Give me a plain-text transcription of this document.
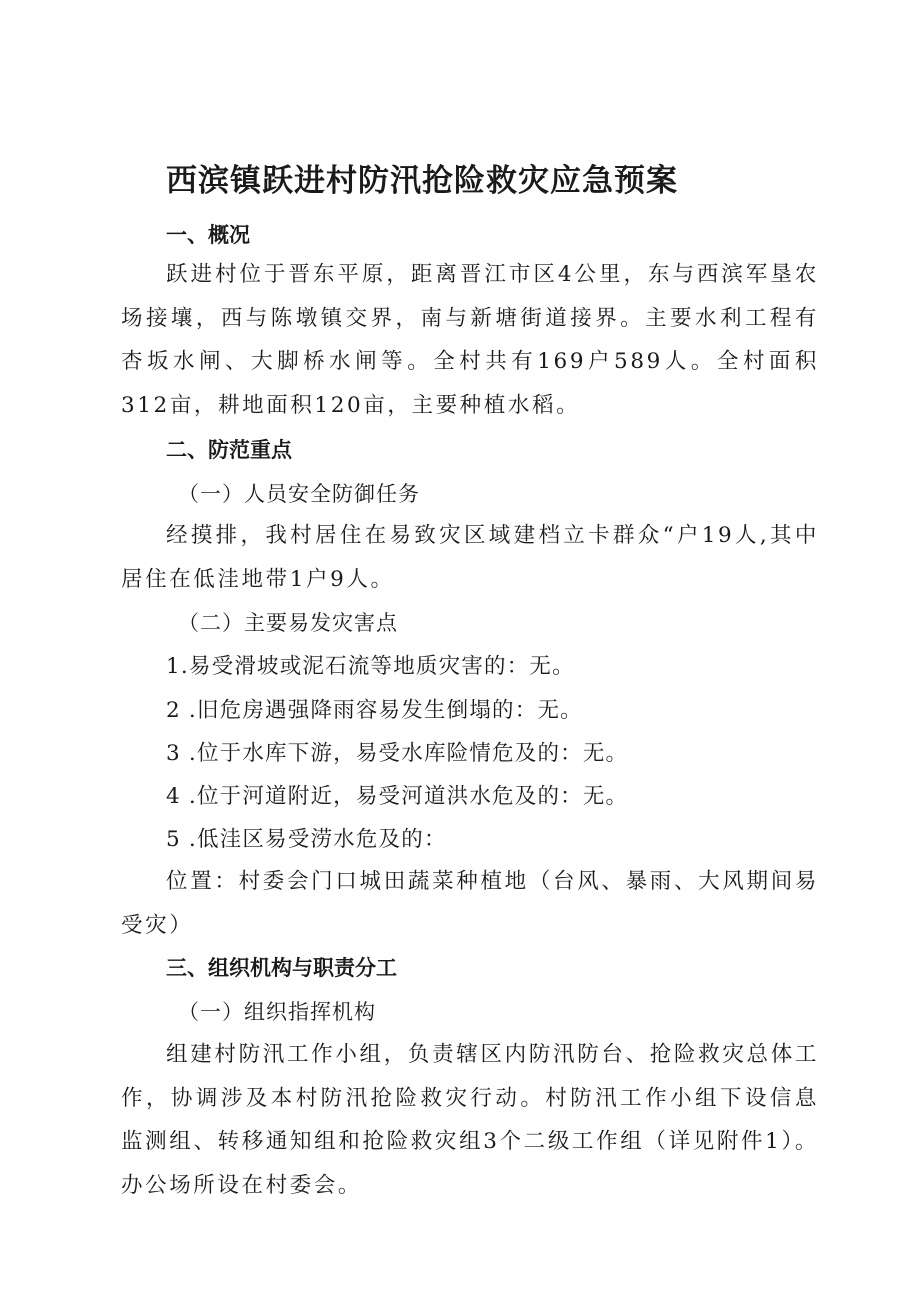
西滨镇跃进村防汛抢险救灾应急预案
一、概况

跃进村位于晋东平原，距离晋江市区4公里，东与西滨军垦农场接壤，西与陈墩镇交界，南与新塘街道接界。主要水利工程有杏坂水闸、大脚桥水闸等。全村共有169户589人。全村面积312亩，耕地面积120亩，主要种植水稻。

二、防范重点
（一）人员安全防御任务

经摸排，我村居住在易致灾区域建档立卡群众“户19人,其中居住在低洼地带1户9人。

（二）主要易发灾害点
1.易受滑坡或泥石流等地质灾害的：无。
2 .旧危房遇强降雨容易发生倒塌的：无。
3 .位于水库下游，易受水库险情危及的：无。
4 .位于河道附近，易受河道洪水危及的：无。
5 .低洼区易受涝水危及的：

位置：村委会门口城田蔬菜种植地（台风、暴雨、大风期间易受灾）

三、组织机构与职责分工
（一）组织指挥机构

组建村防汛工作小组，负责辖区内防汛防台、抢险救灾总体工作，协调涉及本村防汛抢险救灾行动。村防汛工作小组下设信息监测组、转移通知组和抢险救灾组3个二级工作组（详见附件1）。办公场所设在村委会。
